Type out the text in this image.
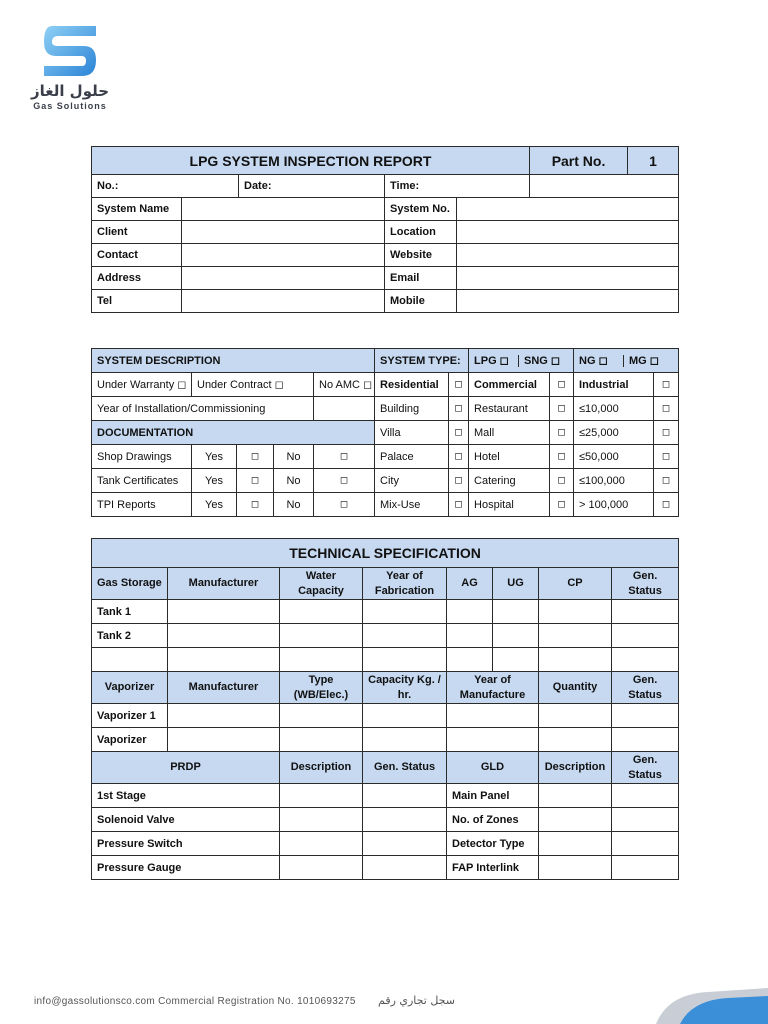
حلول الغاز
Gas Solutions
LPG SYSTEM INSPECTION REPORT					Part No.	1
No.:		Date:	Time:			
System Name			System No.			
Client			Location			
Contact			Website			
Address			Email			
Tel			Mobile			
SYSTEM DESCRIPTION					SYSTEM TYPE:		LPG ◻ SNG ◻		NG ◻ MG ◻	
Under Warranty ◻	Under Contract ◻			No AMC ◻	Residential	◻	Commercial	◻	Industrial	◻
Year of Installation/Commissioning					Building	◻	Restaurant	◻	≤10,000	◻
DOCUMENTATION					Villa	◻	Mall	◻	≤25,000	◻
Shop Drawings	Yes	◻	No	◻	Palace	◻	Hotel	◻	≤50,000	◻
Tank Certificates	Yes	◻	No	◻	City	◻	Catering	◻	≤100,000	◻
TPI Reports	Yes	◻	No	◻	Mix-Use	◻	Hospital	◻	> 100,000	◻
TECHNICAL SPECIFICATION							
Gas Storage	Manufacturer	Water Capacity	Year of Fabrication	AG	UG	CP	Gen. Status
Tank 1							
Tank 2							

Vaporizer	Manufacturer	Type (WB/Elec.)	Capacity Kg. / hr.	Year of Manufacture		Quantity	Gen. Status
Vaporizer 1							
Vaporizer							
PRDP		Description	Gen. Status	GLD		Description	Gen. Status
1st Stage				Main Panel			
Solenoid Valve				No. of Zones			
Pressure Switch				Detector Type			
Pressure Gauge				FAP Interlink			
info@gassolutionsco.com Commercial Registration No. 1010693275 سجل تجاري رقم
